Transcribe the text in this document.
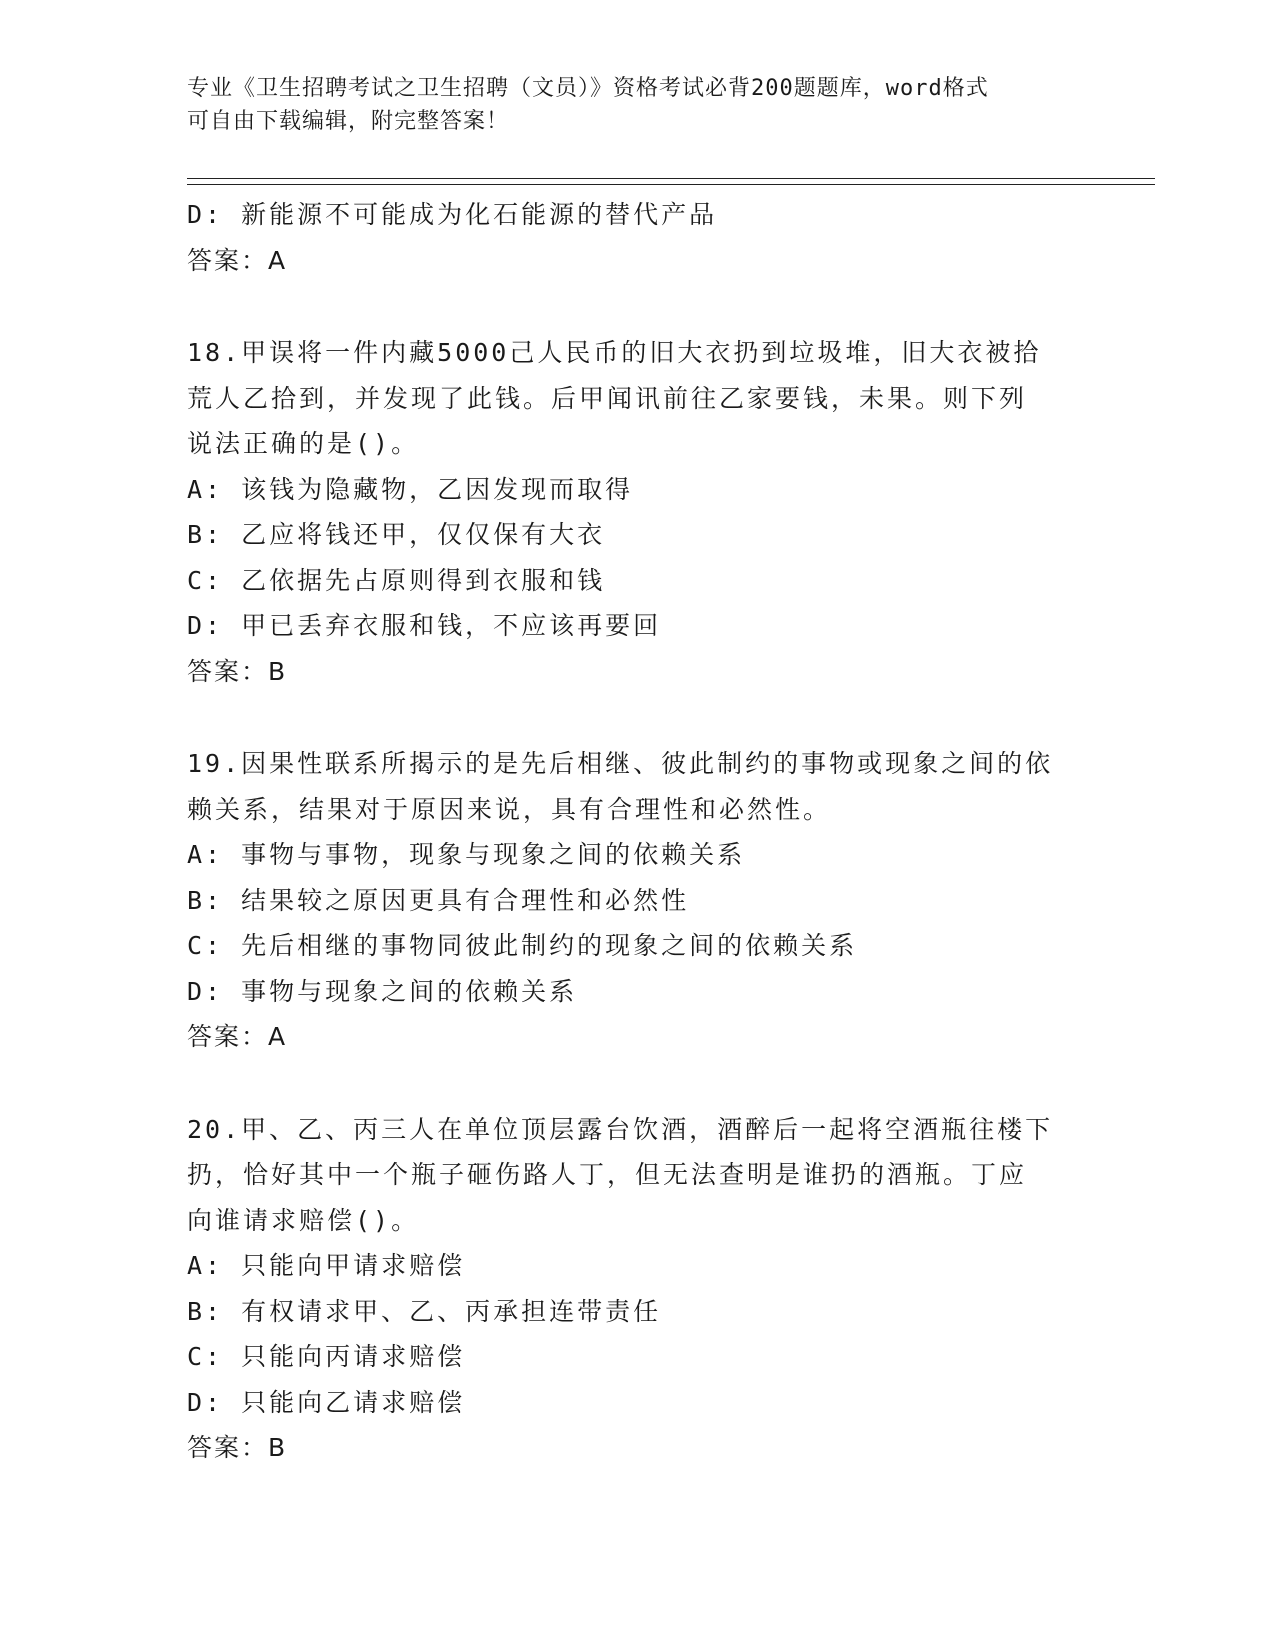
专业《卫生招聘考试之卫生招聘（文员）》资格考试必背200题题库，word格式
可自由下载编辑，附完整答案！
D: 新能源不可能成为化石能源的替代产品
答案：A
18.甲误将一件内藏5000己人民币的旧大衣扔到垃圾堆，旧大衣被拾
荒人乙拾到，并发现了此钱。后甲闻讯前往乙家要钱，未果。则下列
说法正确的是()。
A: 该钱为隐藏物，乙因发现而取得
B: 乙应将钱还甲，仅仅保有大衣
C: 乙依据先占原则得到衣服和钱
D: 甲已丢弃衣服和钱，不应该再要回
答案：B
19.因果性联系所揭示的是先后相继、彼此制约的事物或现象之间的依
赖关系，结果对于原因来说，具有合理性和必然性。
A: 事物与事物，现象与现象之间的依赖关系
B: 结果较之原因更具有合理性和必然性
C: 先后相继的事物同彼此制约的现象之间的依赖关系
D: 事物与现象之间的依赖关系
答案：A
20.甲、乙、丙三人在单位顶层露台饮酒，酒醉后一起将空酒瓶往楼下
扔，恰好其中一个瓶子砸伤路人丁，但无法查明是谁扔的酒瓶。丁应
向谁请求赔偿()。
A: 只能向甲请求赔偿
B: 有权请求甲、乙、丙承担连带责任
C: 只能向丙请求赔偿
D: 只能向乙请求赔偿
答案：B
